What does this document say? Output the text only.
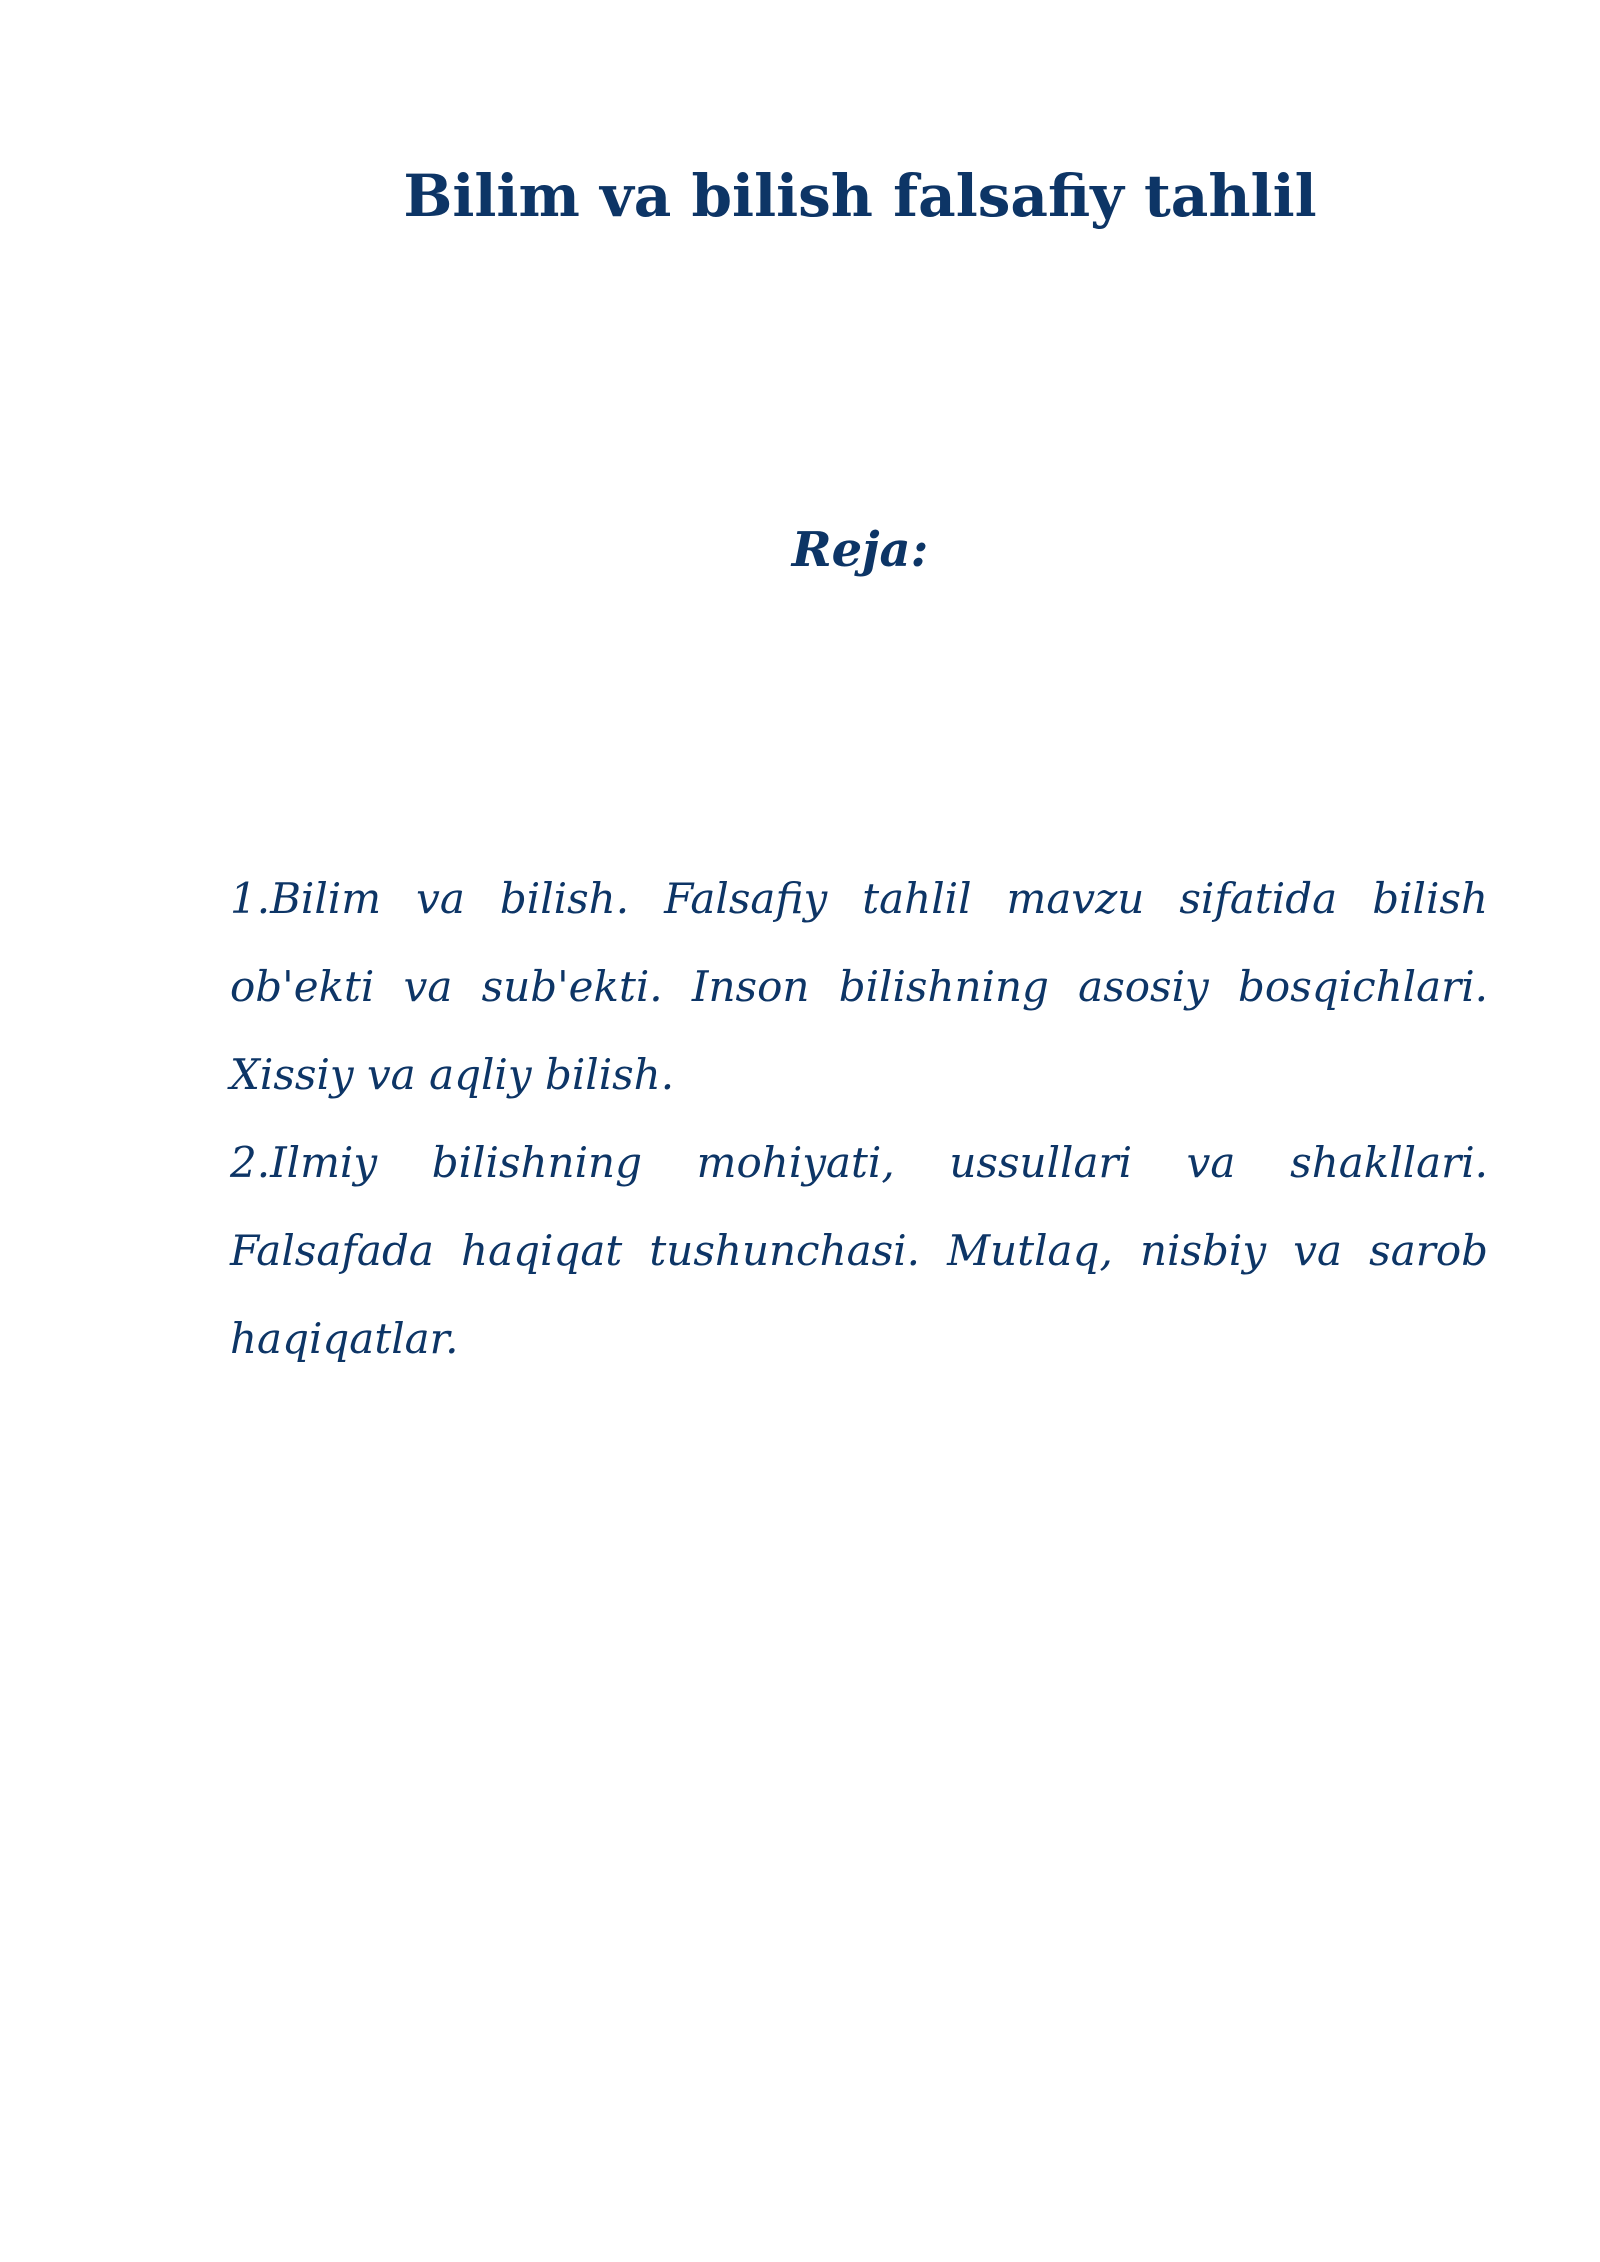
Bilim va bilish falsafiy tahlil
Reja:
1.Bilim va bilish. Falsafiy tahlil mavzu sifatida bilish ob'ekti va sub'ekti. Inson bilishning asosiy bosqichlari. Xissiy va aqliy bilish.
2.Ilmiy bilishning mohiyati, ussullari va shakllari. Falsafada haqiqat tushunchasi. Mutlaq, nisbiy va sarob haqiqatlar.
